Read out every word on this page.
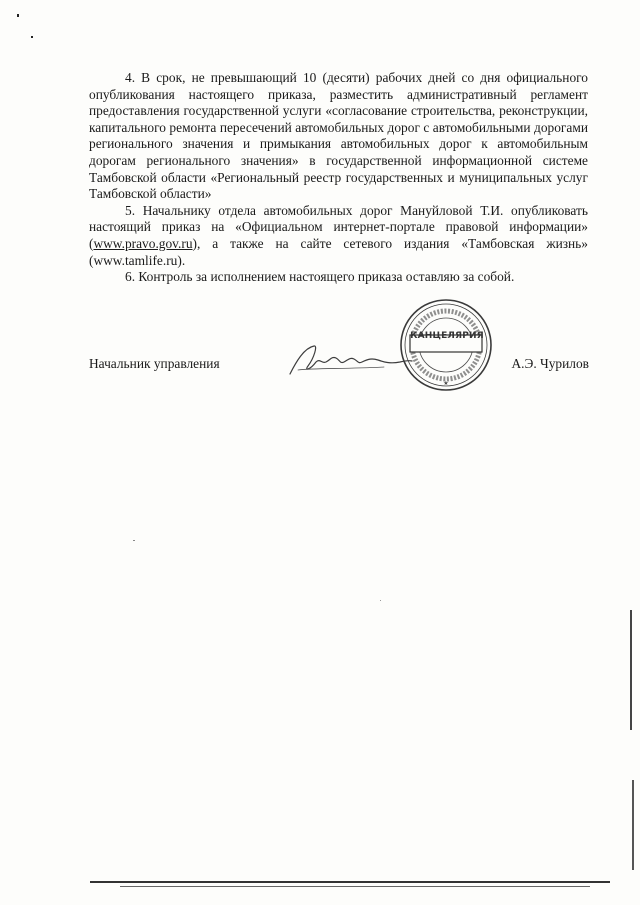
4. В срок, не превышающий 10 (десяти) рабочих дней со дня официального опубликования настоящего приказа, разместить административный регламент предоставления государственной услуги «согласование строительства, реконструкции, капитального ремонта пересечений автомобильных дорог с автомобильными дорогами регионального значения и примыкания автомобильных дорог к автомобильным дорогам регионального значения» в государственной информационной системе Тамбовской области «Региональный реестр государственных и муниципальных услуг Тамбовской области»

5. Начальнику отдела автомобильных дорог Мануйловой Т.И. опубликовать настоящий приказ на «Официальном интернет-портале правовой информации» (www.pravo.gov.ru), а также на сайте сетевого издания «Тамбовская жизнь» (www.tamlife.ru).

6. Контроль за исполнением настоящего приказа оставляю за собой.

★
КАНЦЕЛЯРИЯ
Начальник управления	А.Э. Чурилов
